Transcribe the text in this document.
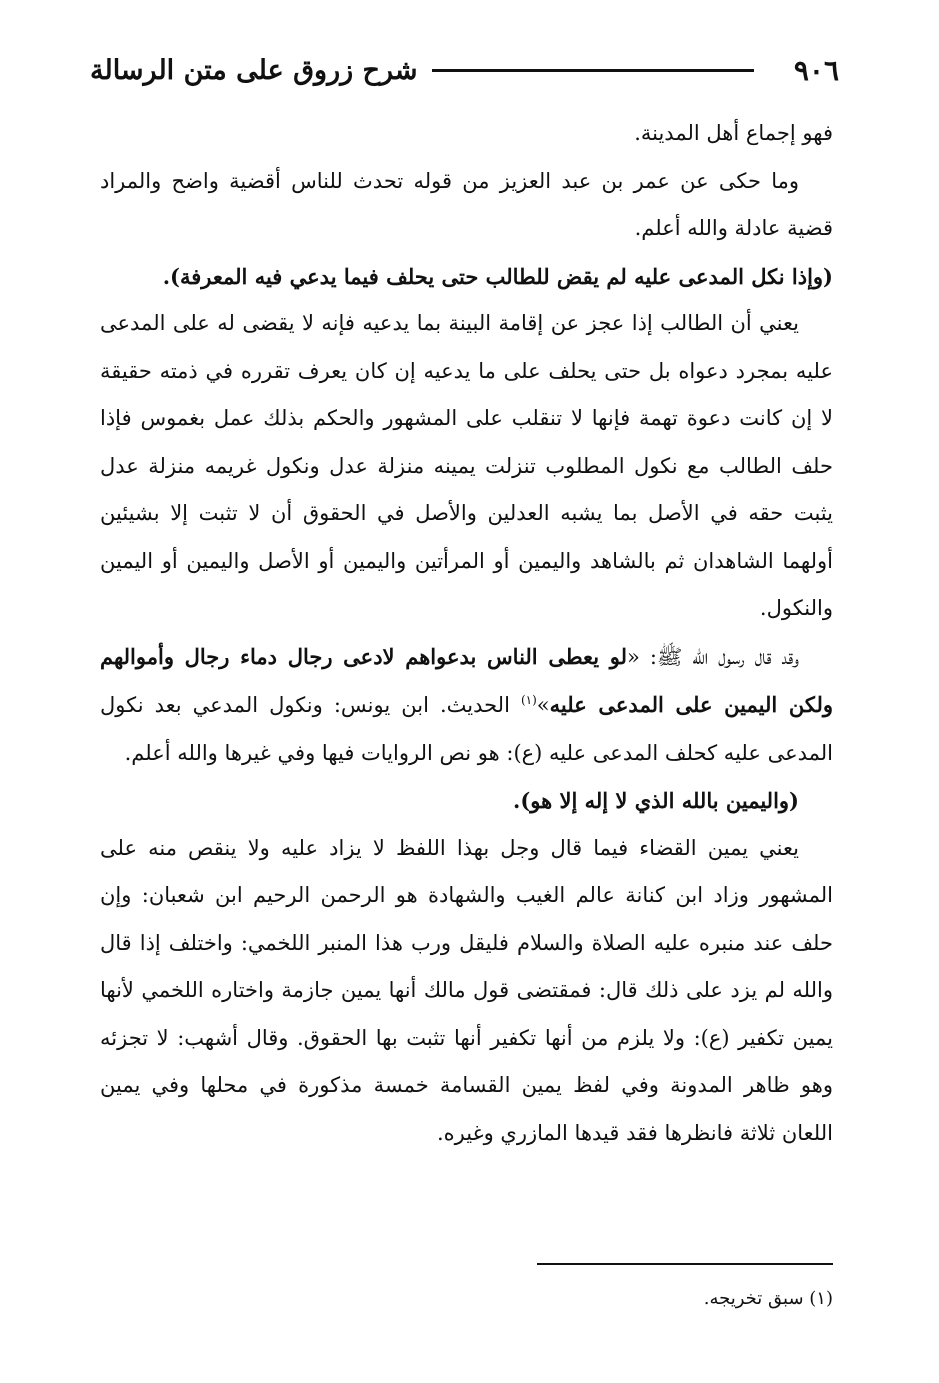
٩٠٦
شرح زروق على متن الرسالة

فهو إجماع أهل المدينة.

وما حكى عن عمر بن عبد العزيز من قوله تحدث للناس أقضية واضح والمراد قضية عادلة والله أعلم.

(وإذا نكل المدعى عليه لم يقض للطالب حتى يحلف فيما يدعي فيه المعرفة).

يعني أن الطالب إذا عجز عن إقامة البينة بما يدعيه فإنه لا يقضى له على المدعى عليه بمجرد دعواه بل حتى يحلف على ما يدعيه إن كان يعرف تقرره في ذمته حقيقة لا إن كانت دعوة تهمة فإنها لا تنقلب على المشهور والحكم بذلك عمل بغموس فإذا حلف الطالب مع نكول المطلوب تنزلت يمينه منزلة عدل ونكول غريمه منزلة عدل يثبت حقه في الأصل بما يشبه العدلين والأصل في الحقوق أن لا تثبت إلا بشيئين أولهما الشاهدان ثم بالشاهد واليمين أو المرأتين واليمين أو الأصل واليمين أو اليمين والنكول.

وقد قال رسول الله ﷺ: «لو يعطى الناس بدعواهم لادعى رجال دماء رجال وأموالهم ولكن اليمين على المدعى عليه»$^{(١)}$ الحديث. ابن يونس: ونكول المدعي بعد نكول المدعى عليه كحلف المدعى عليه (ع): هو نص الروايات فيها وفي غيرها والله أعلم.

(واليمين بالله الذي لا إله إلا هو).

يعني يمين القضاء فيما قال وجل بهذا اللفظ لا يزاد عليه ولا ينقص منه على المشهور وزاد ابن كنانة عالم الغيب والشهادة هو الرحمن الرحيم ابن شعبان: وإن حلف عند منبره عليه الصلاة والسلام فليقل ورب هذا المنبر اللخمي: واختلف إذا قال والله لم يزد على ذلك قال: فمقتضى قول مالك أنها يمين جازمة واختاره اللخمي لأنها يمين تكفير (ع): ولا يلزم من أنها تكفير أنها تثبت بها الحقوق. وقال أشهب: لا تجزئه وهو ظاهر المدونة وفي لفظ يمين القسامة خمسة مذكورة في محلها وفي يمين اللعان ثلاثة فانظرها فقد قيدها المازري وغيره.

(١) سبق تخريجه.
